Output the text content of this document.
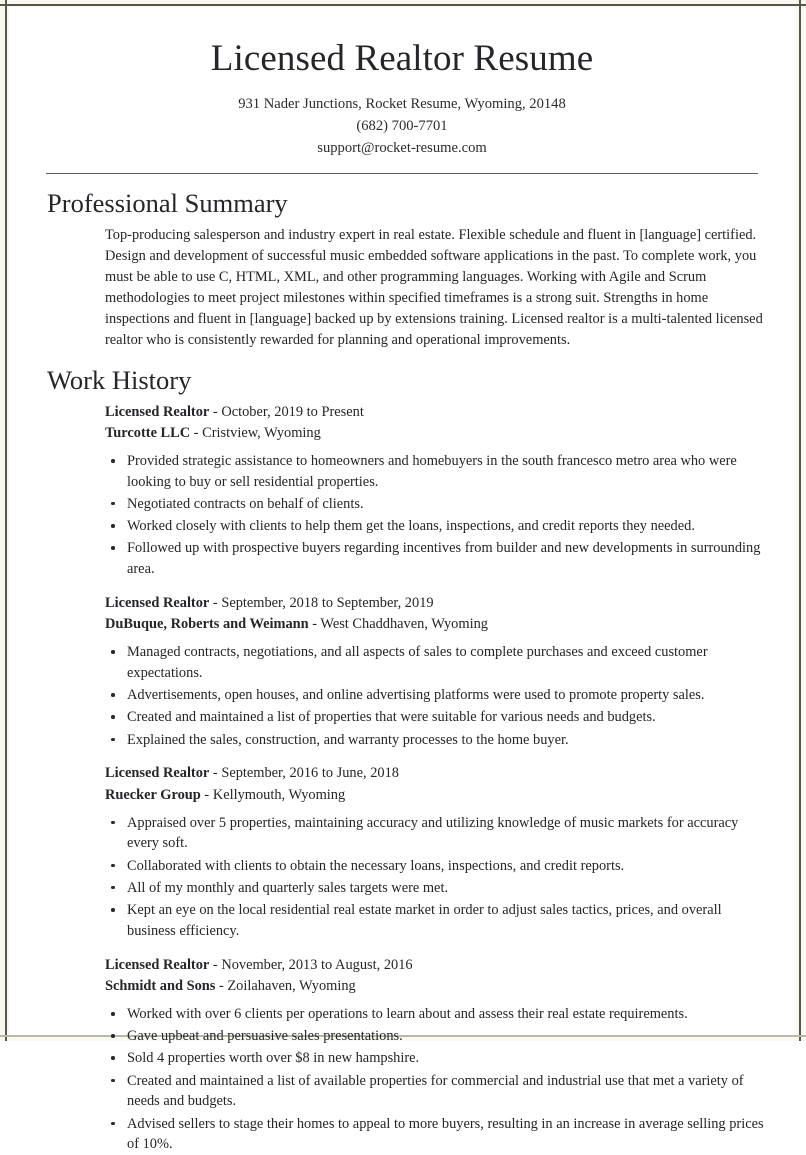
Licensed Realtor Resume
931 Nader Junctions, Rocket Resume, Wyoming, 20148
(682) 700-7701
support@rocket-resume.com
Professional Summary

Top-producing salesperson and industry expert in real estate. Flexible schedule and fluent in [language] certified. Design and development of successful music embedded software applications in the past. To complete work, you must be able to use C, HTML, XML, and other programming languages. Working with Agile and Scrum methodologies to meet project milestones within specified timeframes is a strong suit. Strengths in home inspections and fluent in [language] backed up by extensions training. Licensed realtor is a multi-talented licensed realtor who is consistently rewarded for planning and operational improvements.

Work History
Licensed Realtor - October, 2019 to Present
Turcotte LLC - Cristview, Wyoming
Provided strategic assistance to homeowners and homebuyers in the south francesco metro area who were looking to buy or sell residential properties.
Negotiated contracts on behalf of clients.
Worked closely with clients to help them get the loans, inspections, and credit reports they needed.
Followed up with prospective buyers regarding incentives from builder and new developments in surrounding area.
Licensed Realtor - September, 2018 to September, 2019
DuBuque, Roberts and Weimann - West Chaddhaven, Wyoming
Managed contracts, negotiations, and all aspects of sales to complete purchases and exceed customer expectations.
Advertisements, open houses, and online advertising platforms were used to promote property sales.
Created and maintained a list of properties that were suitable for various needs and budgets.
Explained the sales, construction, and warranty processes to the home buyer.
Licensed Realtor - September, 2016 to June, 2018
Ruecker Group - Kellymouth, Wyoming
Appraised over 5 properties, maintaining accuracy and utilizing knowledge of music markets for accuracy every soft.
Collaborated with clients to obtain the necessary loans, inspections, and credit reports.
All of my monthly and quarterly sales targets were met.
Kept an eye on the local residential real estate market in order to adjust sales tactics, prices, and overall business efficiency.
Licensed Realtor - November, 2013 to August, 2016
Schmidt and Sons - Zoilahaven, Wyoming
Worked with over 6 clients per operations to learn about and assess their real estate requirements.
Gave upbeat and persuasive sales presentations.
Sold 4 properties worth over $8 in new hampshire.
Created and maintained a list of available properties for commercial and industrial use that met a variety of needs and budgets.
Advised sellers to stage their homes to appeal to more buyers, resulting in an increase in average selling prices of 10%.
